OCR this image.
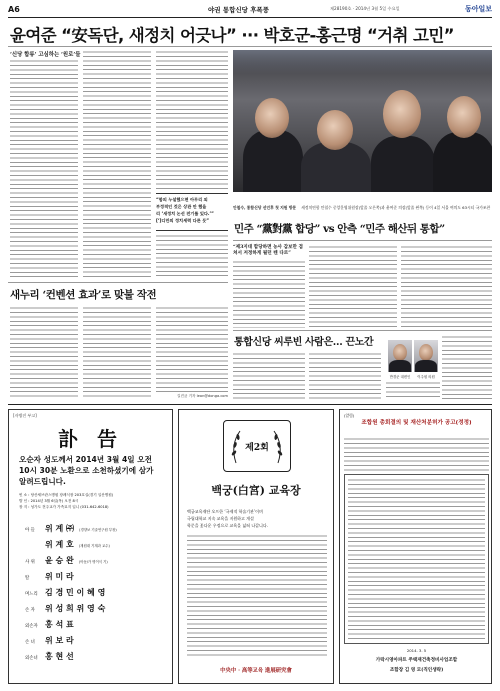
A6	야권 통합신당 후폭풍	제28190호 · 2014년 3월 5일 수요일	동아일보
윤여준 “安독단, 새정치 어긋나” ··· 박호군-홍근명 “거취 고민”
‘신당 합류’ 고심하는 ‘원로’들
“합의 누설했으면 아무리 외
부정적인 것은 상관 안 했을
리 ‘새정치 논선 전기를 있다.’”
[‘]디만의 정치세력 다른 듯”
안철수, 통합신당 선언후 첫 지원 방문 새정치연합 안철수 중앙운영위원장(앞줄 오른쪽)과 윤여준 의장(앞줄 왼쪽) 등이 4일 서울 여의도 63시티 국가조찬
민주 “黨對黨 합당” vs 안측 “민주 해산뒤 통합”
“제3지대 합당하면 농사 갑보만 겸쳐서 저정하게 될던 텐 다르”
새누리 ‘컨벤션 효과’로 맞불 작전
길진균 기자 leon@donga.com
통합신당 씨루빈 사람은… 끈노간
반경준 대변인	이주원 의원
[자병진 부고]
訃 告
오순자 성도께서 2014년 3월 4일 오전
10시 30분 노환으로 소천하셨기에 삼가
알려드립니다.
빈 소 : 당산세브란스병원 장례식장 203호실(경기 일산병원)
발 인 : 2014년 3월 6일(목) 오전 8시
장 지 : 성가도 전주교가 가족묘지 입니 (031-642-6018)
아 들 위 계 ㈜ (경향보 기술연구원 부장)
위 계 호 (재원대 기계과 교수)
사 위 윤 승 완 (아동/가 명이식 기)
딸 위 미 라
며느리 김 경 민 이 혜 영
손 자 위 성 희 위 영 숙
외손자 홍 석 표
손 녀 위 보 라
외손녀 홍 현 선
제2회
백궁(白宮) 교육장
백궁교육재단 오프한 ‘국제적 학술기관’이며
국립대학교 지속 교육을 지원하고 개설
학문을 꽃다운 우정으로 교육을 넓혀 나갑니다.
中央中 · 高等교육 進展研究會
(알림)
조합원 총회결의 및 재산처분허가 공고(정정)
2014. 3. 5
가락시영아파트 주택재건축정비사업조합
조합장 김 영 모(직인생략)
